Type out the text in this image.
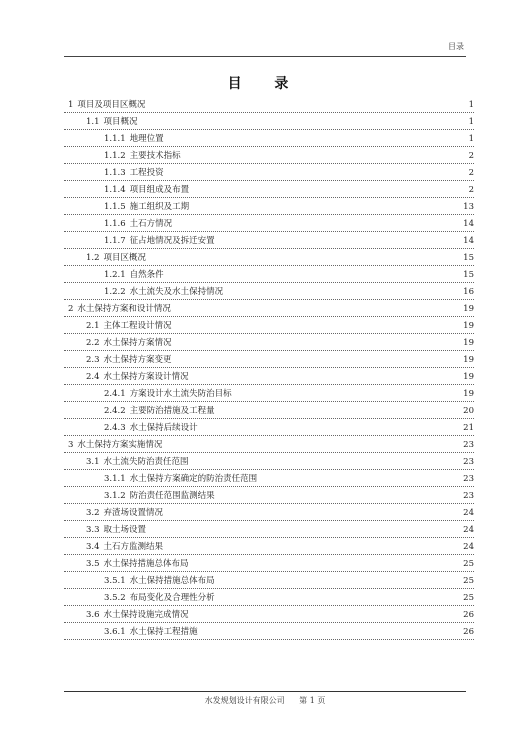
目录
目 录
1 项目及项目区概况	1
1.1 项目概况	1
1.1.1 地理位置	1
1.1.2 主要技术指标	2
1.1.3 工程投资	2
1.1.4 项目组成及布置	2
1.1.5 施工组织及工期	13
1.1.6 土石方情况	14
1.1.7 征占地情况及拆迁安置	14
1.2 项目区概况	15
1.2.1 自然条件	15
1.2.2 水土流失及水土保持情况	16
2 水土保持方案和设计情况	19
2.1 主体工程设计情况	19
2.2 水土保持方案情况	19
2.3 水土保持方案变更	19
2.4 水土保持方案设计情况	19
2.4.1 方案设计水土流失防治目标	19
2.4.2 主要防治措施及工程量	20
2.4.3 水土保持后续设计	21
3 水土保持方案实施情况	23
3.1 水土流失防治责任范围	23
3.1.1 水土保持方案确定的防治责任范围	23
3.1.2 防治责任范围监测结果	23
3.2 弃渣场设置情况	24
3.3 取土场设置	24
3.4 土石方监测结果	24
3.5 水土保持措施总体布局	25
3.5.1 水土保持措施总体布局	25
3.5.2 布局变化及合理性分析	25
3.6 水土保持设施完成情况	26
3.6.1 水土保持工程措施	26
水发规划设计有限公司 第 1 页
